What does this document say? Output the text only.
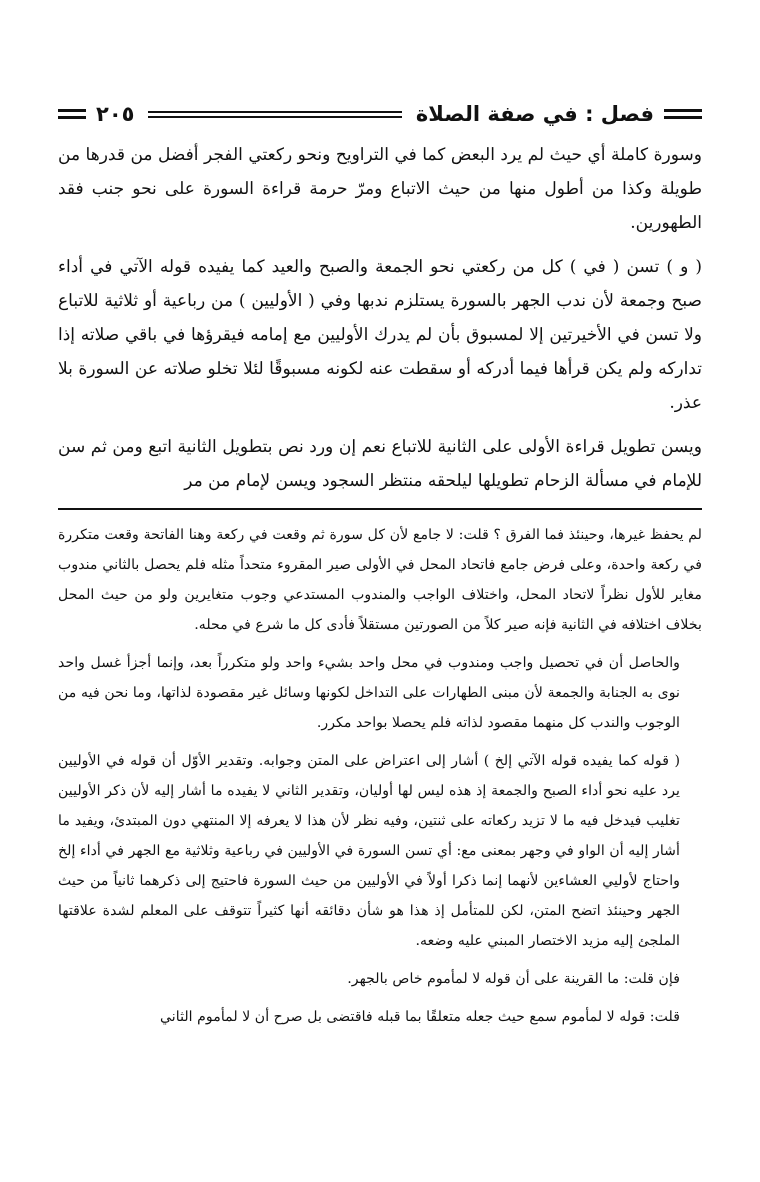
فصل : في صفة الصلاة
٢٠٥

وسورة كاملة أي حيث لم يرد البعض كما في التراويح ونحو ركعتي الفجر أفضل من قدرها من طويلة وكذا من أطول منها من حيث الاتباع ومرّ حرمة قراءة السورة على نحو جنب فقد الطهورين.

( و ) تسن ( في ) كل من ركعتي نحو الجمعة والصبح والعيد كما يفيده قوله الآتي في أداء صبح وجمعة لأن ندب الجهر بالسورة يستلزم ندبها وفي ( الأوليين ) من رباعية أو ثلاثية للاتباع ولا تسن في الأخيرتين إلا لمسبوق بأن لم يدرك الأوليين مع إمامه فيقرؤها في باقي صلاته إذا تداركه ولم يكن قرأها فيما أدركه أو سقطت عنه لكونه مسبوقًا لئلا تخلو صلاته عن السورة بلا عذر.

ويسن تطويل قراءة الأولى على الثانية للاتباع نعم إن ورد نص بتطويل الثانية اتبع ومن ثم سن للإمام في مسألة الزحام تطويلها ليلحقه منتظر السجود ويسن لإمام من مر

لم يحفظ غيرها، وحينئذ فما الفرق ؟ قلت: لا جامع لأن كل سورة ثم وقعت في ركعة وهنا الفاتحة وقعت متكررة في ركعة واحدة، وعلى فرض جامع فاتحاد المحل في الأولى صير المقروء متحداً مثله فلم يحصل بالثاني مندوب مغاير للأول نظراً لاتحاد المحل، واختلاف الواجب والمندوب المستدعي وجوب متغايرين ولو من حيث المحل بخلاف اختلافه في الثانية فإنه صير كلاً من الصورتين مستقلاً فأدى كل ما شرع في محله.

والحاصل أن في تحصيل واجب ومندوب في محل واحد بشيء واحد ولو متكرراً بعد، وإنما أجزأ غسل واحد نوى به الجنابة والجمعة لأن مبنى الطهارات على التداخل لكونها وسائل غير مقصودة لذاتها، وما نحن فيه من الوجوب والندب كل منهما مقصود لذاته فلم يحصلا بواحد مكرر.

( قوله كما يفيده قوله الآتي إلخ ) أشار إلى اعتراض على المتن وجوابه. وتقدير الأوّل أن قوله في الأوليين يرد عليه نحو أداء الصبح والجمعة إذ هذه ليس لها أوليان، وتقدير الثاني لا يفيده ما أشار إليه لأن ذكر الأوليين تغليب فيدخل فيه ما لا تزيد ركعاته على ثنتين، وفيه نظر لأن هذا لا يعرفه إلا المنتهي دون المبتدئ، ويفيد ما أشار إليه أن الواو في وجهر بمعنى مع: أي تسن السورة في الأوليين في رباعية وثلاثية مع الجهر في أداء إلخ واحتاج لأوليي العشاءين لأنهما إنما ذكرا أولاً في الأوليين من حيث السورة فاحتيج إلى ذكرهما ثانياً من حيث الجهر وحينئذ اتضح المتن، لكن للمتأمل إذ هذا هو شأن دقائقه أنها كثيراً تتوقف على المعلم لشدة علاقتها الملجئ إليه مزيد الاختصار المبني عليه وضعه.

فإن قلت: ما القرينة على أن قوله لا لمأموم خاص بالجهر.

قلت: قوله لا لمأموم سمع حيث جعله متعلقًا بما قبله فاقتضى بل صرح أن لا لمأموم الثاني
